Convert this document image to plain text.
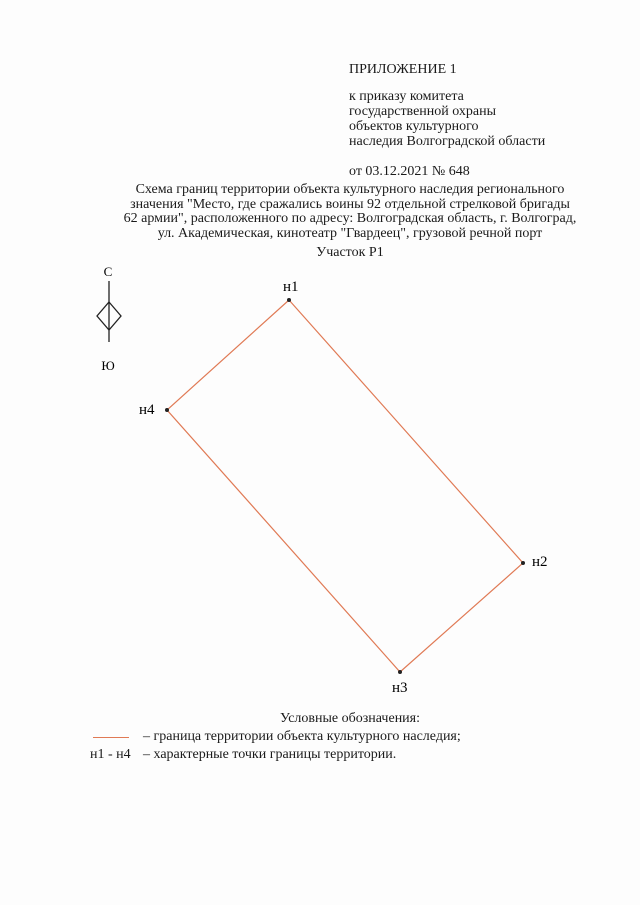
ПРИЛОЖЕНИЕ 1
к приказу комитета
государственной охраны
объектов культурного
наследия Волгоградской области
от 03.12.2021 № 648
Схема границ территории объекта культурного наследия регионального
значения "Место, где сражались воины 92 отдельной стрелковой бригады
62 армии", расположенного по адресу: Волгоградская область, г. Волгоград,
ул. Академическая, кинотеатр "Гвардеец", грузовой речной порт
Участок Р1
С
Ю
н1
н2
н3
н4
Условные обозначения:
– граница территории объекта культурного наследия;
н1 - н4 – характерные точки границы территории.
